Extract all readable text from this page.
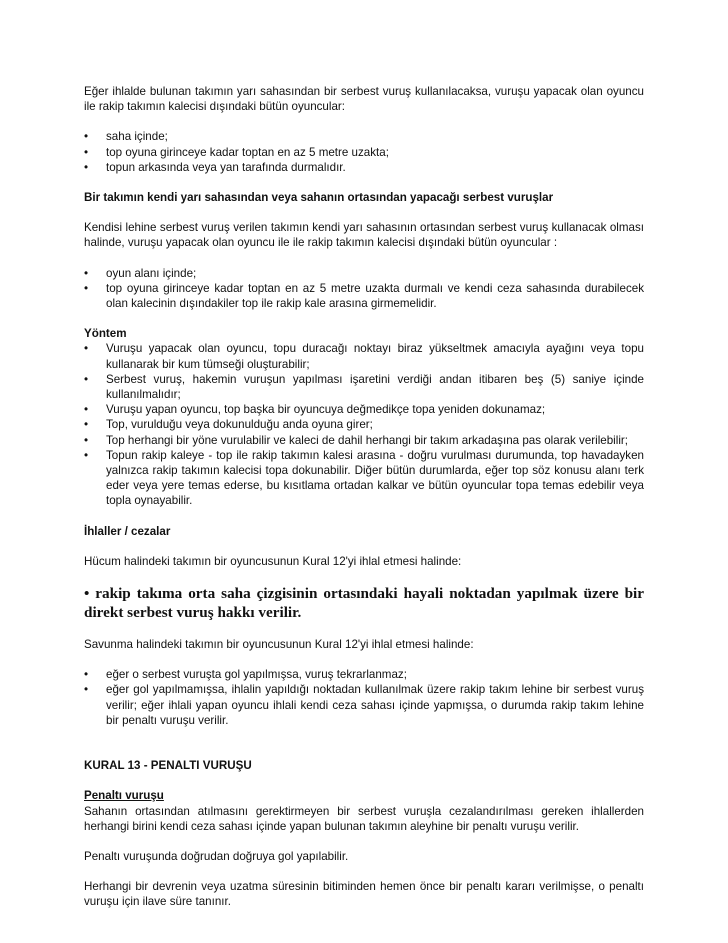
Eğer ihlalde bulunan takımın yarı sahasından bir serbest vuruş kullanılacaksa, vuruşu yapacak olan oyuncu ile rakip takımın kalecisi dışındaki bütün oyuncular:

•	saha içinde;
•	top oyuna girinceye kadar toptan en az 5 metre uzakta;
•	topun arkasında veya yan tarafında durmalıdır.

Bir takımın kendi yarı sahasından veya sahanın ortasından yapacağı serbest vuruşlar

Kendisi lehine serbest vuruş verilen takımın kendi yarı sahasının ortasından serbest vuruş kullanacak olması halinde, vuruşu yapacak olan oyuncu ile ile rakip takımın kalecisi dışındaki bütün oyuncular :

•	oyun alanı içinde;
•	top oyuna girinceye kadar toptan en az 5 metre uzakta durmalı ve kendi ceza sahasında durabilecek olan kalecinin dışındakiler top ile rakip kale arasına girmemelidir.

Yöntem

•	Vuruşu yapacak olan oyuncu, topu duracağı noktayı biraz yükseltmek amacıyla ayağını veya topu kullanarak bir kum tümseği oluşturabilir;
•	Serbest vuruş, hakemin vuruşun yapılması işaretini verdiği andan itibaren beş (5) saniye içinde kullanılmalıdır;
•	Vuruşu yapan oyuncu, top başka bir oyuncuya değmedikçe topa yeniden dokunamaz;
•	Top, vurulduğu veya dokunulduğu anda oyuna girer;
•	Top herhangi bir yöne vurulabilir ve kaleci de dahil herhangi bir takım arkadaşına pas olarak verilebilir;
•	Topun rakip kaleye - top ile rakip takımın kalesi arasına - doğru vurulması durumunda, top havadayken yalnızca rakip takımın kalecisi topa dokunabilir. Diğer bütün durumlarda, eğer top söz konusu alanı terk eder veya yere temas ederse, bu kısıtlama ortadan kalkar ve bütün oyuncular topa temas edebilir veya topla oynayabilir.

İhlaller / cezalar

Hücum halindeki takımın bir oyuncusunun Kural 12'yi ihlal etmesi halinde:

• rakip takıma orta saha çizgisinin ortasındaki hayali noktadan yapılmak üzere bir direkt serbest vuruş hakkı verilir.

Savunma halindeki takımın bir oyuncusunun Kural 12'yi ihlal etmesi halinde:

•	eğer o serbest vuruşta gol yapılmışsa, vuruş tekrarlanmaz;
•	eğer gol yapılmamışsa, ihlalin yapıldığı noktadan kullanılmak üzere rakip takım lehine bir serbest vuruş verilir; eğer ihlali yapan oyuncu ihlali kendi ceza sahası içinde yapmışsa, o durumda rakip takım lehine bir penaltı vuruşu verilir.

KURAL 13 - PENALTI VURUŞU

Penaltı vuruşu

Sahanın ortasından atılmasını gerektirmeyen bir serbest vuruşla cezalandırılması gereken ihlallerden herhangi birini kendi ceza sahası içinde yapan bulunan takımın aleyhine bir penaltı vuruşu verilir.

Penaltı vuruşunda doğrudan doğruya gol yapılabilir.

Herhangi bir devrenin veya uzatma süresinin bitiminden hemen önce bir penaltı kararı verilmişse, o penaltı vuruşu için ilave süre tanınır.
